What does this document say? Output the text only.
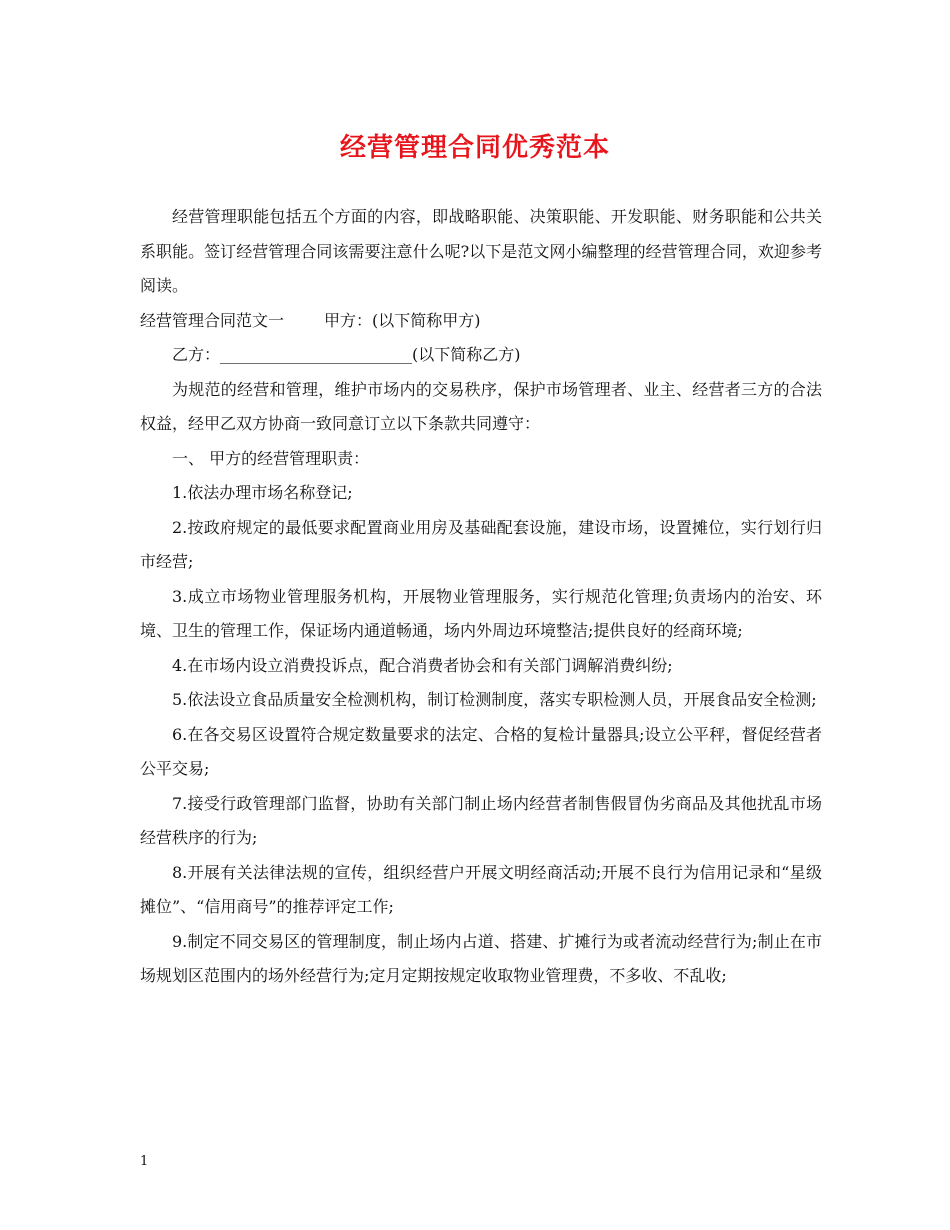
经营管理合同优秀范本

经营管理职能包括五个方面的内容，即战略职能、决策职能、开发职能、财务职能和公共关系职能。签订经营管理合同该需要注意什么呢?以下是范文网小编整理的经营管理合同，欢迎参考阅读。

经营管理合同范文一	甲方：(以下简称甲方)

乙方：________________________(以下简称乙方)

为规范的经营和管理，维护市场内的交易秩序，保护市场管理者、业主、经营者三方的合法权益，经甲乙双方协商一致同意订立以下条款共同遵守：

一、 甲方的经营管理职责：

1.依法办理市场名称登记;

2.按政府规定的最低要求配置商业用房及基础配套设施，建设市场，设置摊位，实行划行归市经营;

3.成立市场物业管理服务机构，开展物业管理服务，实行规范化管理;负责场内的治安、环境、卫生的管理工作，保证场内通道畅通，场内外周边环境整洁;提供良好的经商环境;

4.在市场内设立消费投诉点，配合消费者协会和有关部门调解消费纠纷;

5.依法设立食品质量安全检测机构，制订检测制度，落实专职检测人员，开展食品安全检测;

6.在各交易区设置符合规定数量要求的法定、合格的复检计量器具;设立公平秤，督促经营者公平交易;

7.接受行政管理部门监督，协助有关部门制止场内经营者制售假冒伪劣商品及其他扰乱市场经营秩序的行为;

8.开展有关法律法规的宣传，组织经营户开展文明经商活动;开展不良行为信用记录和“星级摊位”、“信用商号”的推荐评定工作;

9.制定不同交易区的管理制度，制止场内占道、搭建、扩摊行为或者流动经营行为;制止在市场规划区范围内的场外经营行为;定月定期按规定收取物业管理费，不多收、不乱收;

1
